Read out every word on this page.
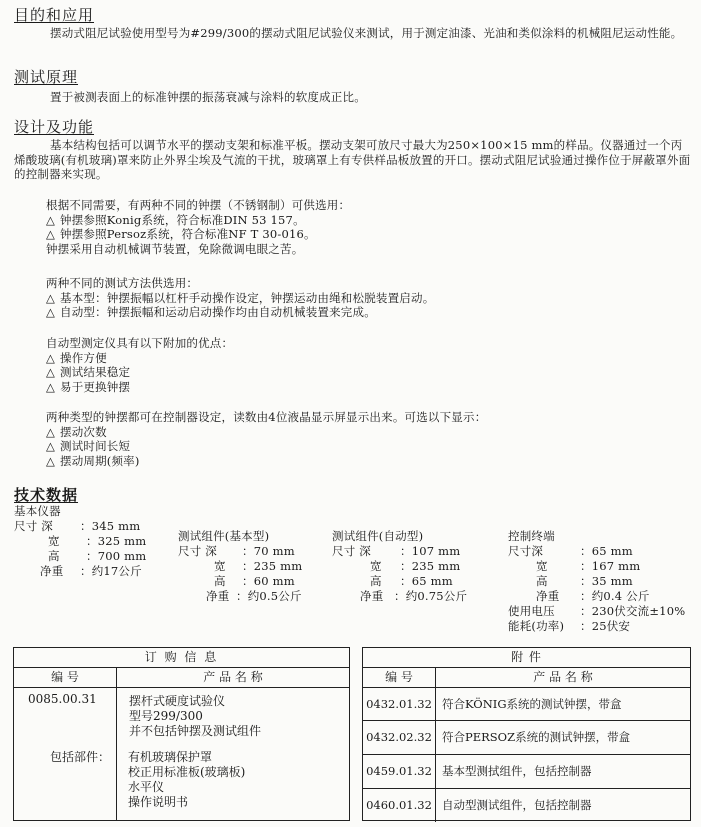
目的和应用
摆动式阻尼试验使用型号为#299/300的摆动式阻尼试验仪来测试，用于测定油漆、光油和类似涂料的机械阻尼运动性能。
测试原理
置于被测表面上的标准钟摆的振荡衰减与涂料的软度成正比。
设计及功能
基本结构包括可以调节水平的摆动支架和标准平板。摆动支架可放尺寸最大为250×100×15 mm的样品。仪器通过一个丙烯酸玻璃(有机玻璃)罩来防止外界尘埃及气流的干扰，玻璃罩上有专供样品板放置的开口。摆动式阻尼试验通过操作位于屏蔽罩外面的控制器来实现。
根据不同需要，有两种不同的钟摆（不锈钢制）可供选用：
△ 钟摆参照Konig系统，符合标准DIN 53 157。
△ 钟摆参照Persoz系统，符合标准NF T 30-016。
钟摆采用自动机械调节装置，免除微调电眼之苦。
两种不同的测试方法供选用：
△ 基本型：钟摆振幅以杠杆手动操作设定，钟摆运动由绳和松脱装置启动。
△ 自动型：钟摆振幅和运动启动操作均由自动机械装置来完成。
自动型测定仪具有以下附加的优点：
△ 操作方便
△ 测试结果稳定
△ 易于更换钟摆
两种类型的钟摆都可在控制器设定，读数由4位液晶显示屏显示出来。可选以下显示：
△ 摆动次数
△ 测试时间长短
△ 摆动周期(频率)
技术数据
基本仪器
尺寸 深 ：345 mm
宽 ：325 mm
高 ：700 mm
净重 ：约17公斤
测试组件(基本型)
尺寸 深 ：70 mm
宽 ：235 mm
高 ：60 mm
净重 ：约0.5公斤
测试组件(自动型)
尺寸 深	：107 mm
宽 ：235 mm
高 ：65 mm
净重 ：约0.75公斤
控制终端
尺寸深	：65 mm
宽	：167 mm
高	：35 mm
净重 ：约0.4 公斤
使用电压 ：230伏交流±10%
能耗(功率) ：25伏安
订 购 信 息
编 号	产 品 名 称
0085.00.31	摆杆式硬度试验仪
型号299/300
并不包括钟摆及测试组件
包括部件： 有机玻璃保护罩
校正用标准板(玻璃板)
水平仪
操作说明书
附 件
编 号	产 品 名 称
0432.01.32 符合KÖNIG系统的测试钟摆，带盒
0432.02.32 符合PERSOZ系统的测试钟摆，带盒
0459.01.32 基本型测拭组件，包括控制器
0460.01.32 自动型测试组件，包括控制器
